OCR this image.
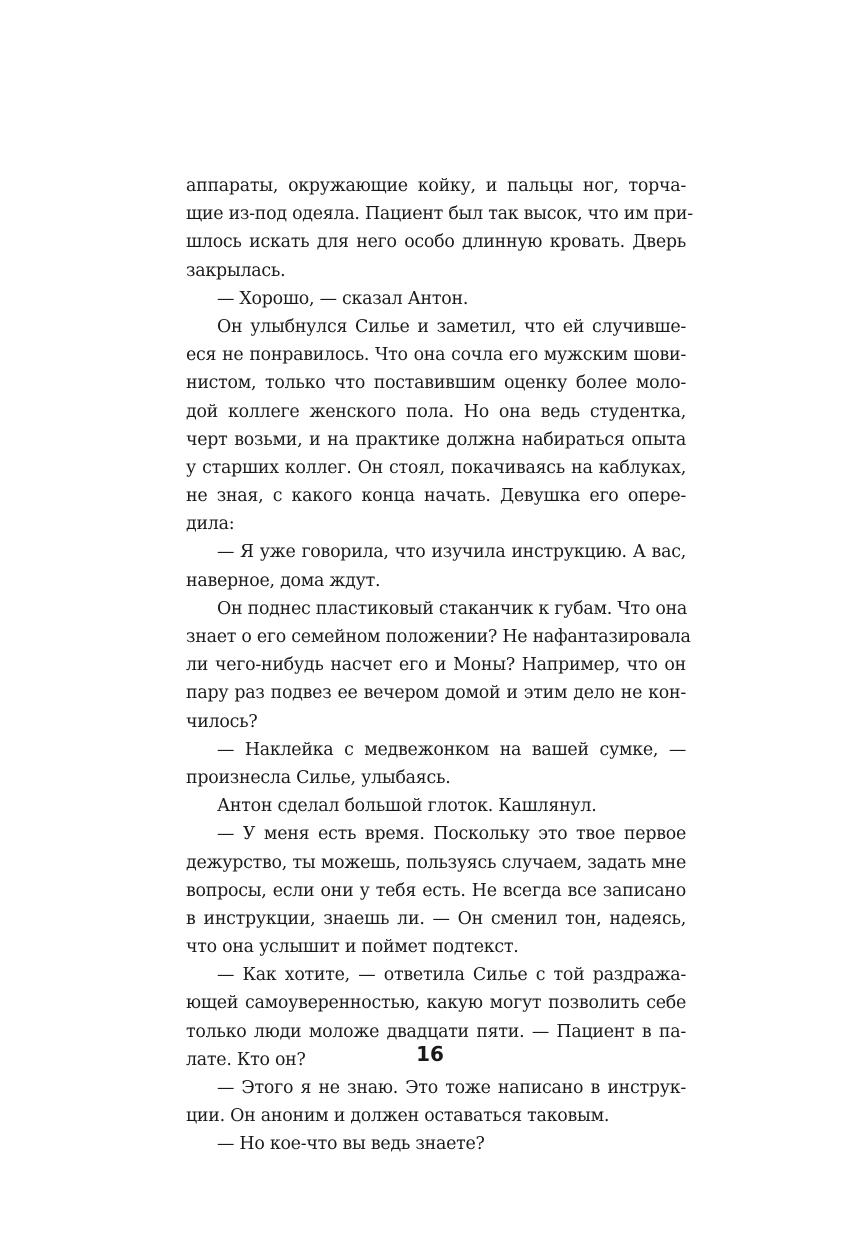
аппараты, окружающие койку, и пальцы ног, торча-
щие из-под одеяла. Пациент был так высок, что им при-
шлось искать для него особо длинную кровать. Дверь
закрылась.
— Хорошо, — сказал Антон.
Он улыбнулся Силье и заметил, что ей случивше-
еся не понравилось. Что она сочла его мужским шови-
нистом, только что поставившим оценку более моло-
дой коллеге женского пола. Но она ведь студентка,
черт возьми, и на практике должна набираться опыта
у старших коллег. Он стоял, покачиваясь на каблуках,
не зная, с какого конца начать. Девушка его опере-
дила:
— Я уже говорила, что изучила инструкцию. А вас,
наверное, дома ждут.
Он поднес пластиковый стаканчик к губам. Что она
знает о его семейном положении? Не нафантазировала
ли чего-нибудь насчет его и Моны? Например, что он
пару раз подвез ее вечером домой и этим дело не кон-
чилось?
— Наклейка с медвежонком на вашей сумке, —
произнесла Силье, улыбаясь.
Антон сделал большой глоток. Кашлянул.
— У меня есть время. Поскольку это твое первое
дежурство, ты можешь, пользуясь случаем, задать мне
вопросы, если они у тебя есть. Не всегда все записано
в инструкции, знаешь ли. — Он сменил тон, надеясь,
что она услышит и поймет подтекст.
— Как хотите, — ответила Силье с той раздража-
ющей самоуверенностью, какую могут позволить себе
только люди моложе двадцати пяти. — Пациент в па-
лате. Кто он?
— Этого я не знаю. Это тоже написано в инструк-
ции. Он аноним и должен оставаться таковым.
— Но кое-что вы ведь знаете?
16
